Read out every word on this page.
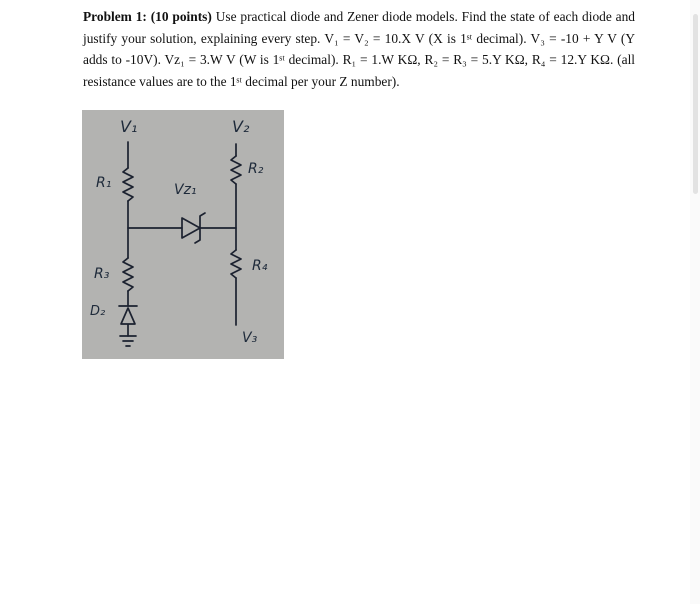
Problem 1: (10 points) Use practical diode and Zener diode models. Find the state of each diode and justify your solution, explaining every step. V₁ = V₂ = 10.X V (X is 1ˢᵗ decimal). V₃ = -10 + Y V (Y adds to -10V). Vz₁ = 3.W V (W is 1ˢᵗ decimal). R₁ = 1.W KΩ, R₂ = R₃ = 5.Y KΩ, R₄ = 12.Y KΩ. (all resistance values are to the 1ˢᵗ decimal per your Z number).
V₁	V₂
R₁
R₂
Vz₁
R₃	R₄
D₂
V₃
